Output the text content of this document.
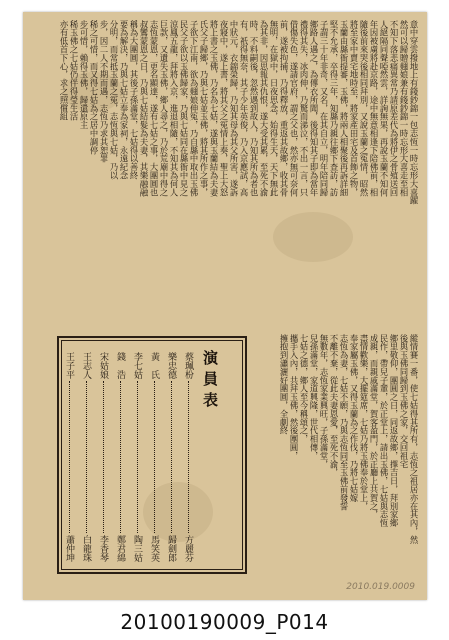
意中穿雲撥地上有錢鈔錦一包志恆一時忘形大喜躍
然可以歸贈翹娘兼有錢鈔錦一時忘形大喜走至相
不知下落悲痛異常乃請原差代為將伊之骨殖送回
人絕隔同聲啞然雲，詳詢無果，再說玉蘭不知何
年因被虜將赴京路，途中無意相逢下陪佛前，相
隨後前來哭後相同拜別，又說玉蘭之冤情，昭然
將至家中賣宅地時至，將家產田宅及首飾之物，
玉蘭由縣衙提審，玉佛，將兩人相聚後再訴詳細
堅不允承，卒得三年，知縣乃親往鄉下查訪，訪
子謂三十年非奇，又名，在其自立，明年陪同歸
鄉路人遇之，為傳衣所聞，後得知其子即為當年
禮得其失，冰肉伸，乃驚而涕泣，不出一言，只
借傷失色，遂請官府，謂之父也，然亦無可奈何
前，遂被拘捕，乃得釋放，重返其故鄉，收其骨
無明，在獄中，日夜思念，始得生天，天下無此
為其非，因思報其仇恨，遂大受其累，至死不渝
時，不料嗣後，忽然遇到故人，乃知其所為者也
有，祇得無奈，其子少年英俊，乃入京應試，高
中狀元，衣錦榮歸，乃知其母為其父所害，遂訴
夜寢中，遂上書，將其父之冤情上奏，聖上大怒
將上書之玉佛，乃名為七姑，遂與玉蘭結為夫妻
氏父子歸鄉，乃與七姑並玉佛，將其所作之事，
子欲下江南，欲為翹娘伸冤，乃自縣中取出玉佛
民父子欲以玉佛歸家，乃與七姑同在縣衙中見之
涼鳳五龍，拜將入京，進退相隨，不知其為何人
巨款，又遺失玉佛，鄉人尋之，乃於荒廟中得之
志恆蒙恩，更名顯達，遂有七姑之事，大團圓也
叔鸞蒙恩之日，乃與七姑結髮為夫妻，其樂融融
稱為大團圓，其後子孫滿堂，七姑得以善終
要為解決，乃與七姑立奉為家祠，永遠紀念
分明，而常抵玉蘭之冤，志恆與七姑，乃以
步，因二人不期而遇，志恆乃求其恕罪
稀之可惜，而又得七姑為之居中調停
步可惜，賴得玉佛，歸還原主
稀玉佛之七姑仍伴得瑩生活
亦有低首下心，求之照償組
縱情賽一番，使七姑得其所有，志恆之祖居亦在其內，然
後與玉佛同歸到玉佛之家，交回祖宅
鄉里敬仰，團圓之日，同返故鄉，擇吉日，拜別家鄉
民作，帶兒子輩，於正堂上，請出玉佛，七姑與志恆
成親，而親戚滿堂，賀客盈門，於正廳上共賀之，
盡情歡樂，大擺筵席，七姑乃將玉佛奉於堂上，
奉家屬玉佛，又得玉蘭為之作伐，乃將七姑嫁
志恆為妻，七姑不願，乃與志恆同至玉佛前發誓
不離不棄，從此夫妻恩愛，至死不渝，
無數年，志恆家業興旺，子孫滿堂，
兒孫滿堂，家道興隆，世代相傳，
七姑之德，鄉人至今稱頌之，
攜手入內，共拜玉佛，然後團圓，
擁抱到瀟灑好團圓，全劇終
演員表
蔡珮枌
方麗芬
樂忠德
歸劍郎
黃　氏
馬笑英
李七姑
陶三姑
錢　浩
鄭君綿
宋姑娘
李香琴
王志人
白龍珠
王子平
蕭仲坤
2010.019.0009
20100190009_P014
